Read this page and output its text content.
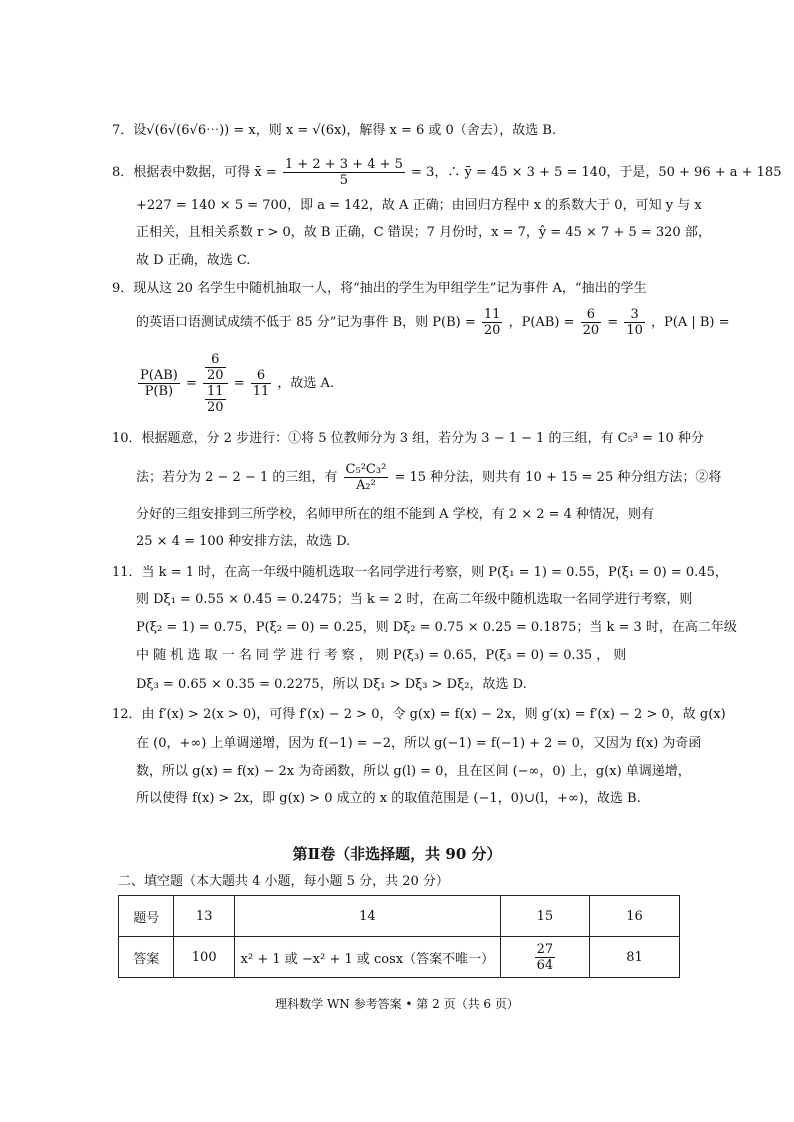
7．设√(6√(6√6⋯)) = x，则 x = √(6x)，解得 x = 6 或 0（舍去），故选 B.
8．根据表中数据，可得 x̄ = $\frac{1 + 2 + 3 + 4 + 5}{5} = 3$，∴ ȳ = 45 × 3 + 5 = 140，于是，50 + 96 + a + 185
+227 = 140 × 5 = 700，即 a = 142，故 A 正确；由回归方程中 x 的系数大于 0，可知 y 与 x
正相关，且相关系数 r > 0，故 B 正确，C 错误；7 月份时，x = 7，ŷ = 45 × 7 + 5 = 320 部，
故 D 正确，故选 C.
9．现从这 20 名学生中随机抽取一人，将“抽出的学生为甲组学生”记为事件 A，“抽出的学生
的英语口语测试成绩不低于 85 分”记为事件 B，则 $P(B) = \frac{11}{20}$ ，$P(AB) = \frac{6}{20} = \frac{3}{10}$ ，P(A | B) =
$\frac{P(AB)}{P(B)} = \frac{\frac{6}{20}}{\frac{11}{20}} = \frac{6}{11}$ ，故选 A.
10．根据题意，分 2 步进行：①将 5 位教师分为 3 组，若分为 3 − 1 − 1 的三组，有 C₅³ = 10 种分
法；若分为 2 − 2 − 1 的三组，有 $\frac{\text{C₅²C₃²}}{\text{A₂²}} = 15$ 种分法，则共有 10 + 15 = 25 种分组方法；②将
分好的三组安排到三所学校，名师甲所在的组不能到 A 学校，有 2 × 2 = 4 种情况，则有
25 × 4 = 100 种安排方法，故选 D.
11．当 k = 1 时，在高一年级中随机选取一名同学进行考察，则 P(ξ₁ = 1) = 0.55，P(ξ₁ = 0) = 0.45，
则 Dξ₁ = 0.55 × 0.45 = 0.2475；当 k = 2 时，在高二年级中随机选取一名同学进行考察，则
P(ξ₂ = 1) = 0.75，P(ξ₂ = 0) = 0.25，则 Dξ₂ = 0.75 × 0.25 = 0.1875；当 k = 3 时，在高二年级
中 随 机 选 取 一 名 同 学 进 行 考 察 ， 则 P(ξ₃) = 0.65，P(ξ₃ = 0) = 0.35 ， 则
Dξ₃ = 0.65 × 0.35 = 0.2275，所以 Dξ₁ > Dξ₃ > Dξ₂，故选 D.
12．由 f′(x) > 2(x > 0)，可得 f′(x) − 2 > 0，令 g(x) = f(x) − 2x，则 g′(x) = f′(x) − 2 > 0，故 g(x)
在 (0，+∞) 上单调递增，因为 f(−1) = −2，所以 g(−1) = f(−1) + 2 = 0，又因为 f(x) 为奇函
数，所以 g(x) = f(x) − 2x 为奇函数，所以 g(l) = 0，且在区间 (−∞，0) 上，g(x) 单调递增，
所以使得 f(x) > 2x，即 g(x) > 0 成立的 x 的取值范围是 (−1，0)∪(l，+∞)，故选 B.
第Ⅱ卷（非选择题，共 90 分）
二、填空题（本大题共 4 小题，每小题 5 分，共 20 分）
题号	13	14	15	16
答案	100	x² + 1 或 −x² + 1 或 cosx（答案不唯一）	$\frac{27}{64}$	81
理科数学 WN 参考答案 • 第 2 页（共 6 页）
